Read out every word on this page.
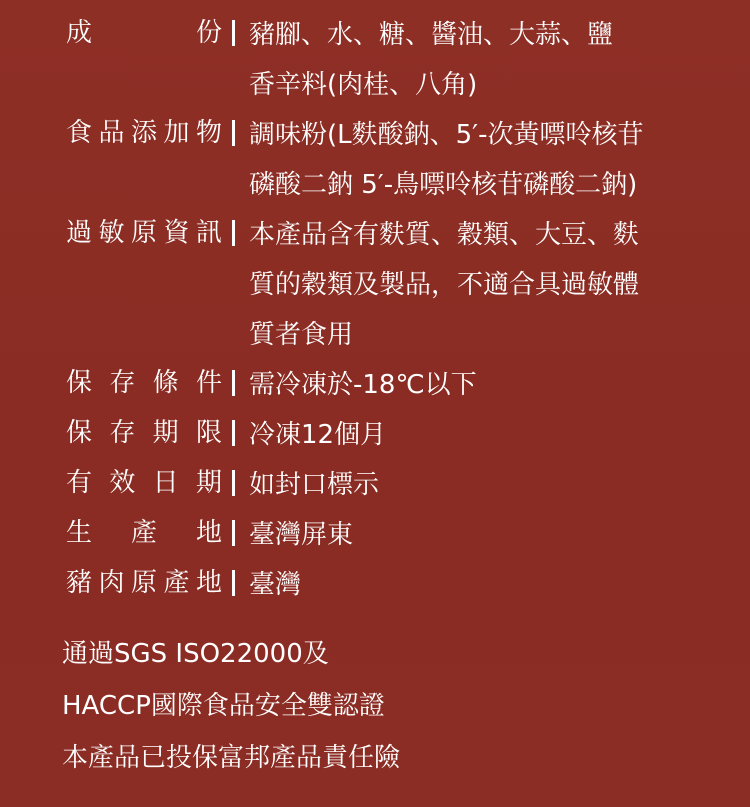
成	份 豬腳、水、糖、醬油、大蒜、鹽
香辛料(肉桂、八角)
食 品 添 加 物 調味粉(L麩酸鈉、5′-次黃嘌呤核苷
磷酸二鈉 5′-鳥嘌呤核苷磷酸二鈉)
過 敏 原 資 訊 本產品含有麩質、穀類、大豆、麩
質的穀類及製品，不適合具過敏體
質者食用
保 存 條 件 需冷凍於-18℃以下
保 存 期 限 冷凍12個月
有 效 日 期 如封口標示
生 產 地 臺灣屏東
豬 肉 原 產 地 臺灣
通過SGS ISO22000及
HACCP國際食品安全雙認證
本產品已投保富邦產品責任險
